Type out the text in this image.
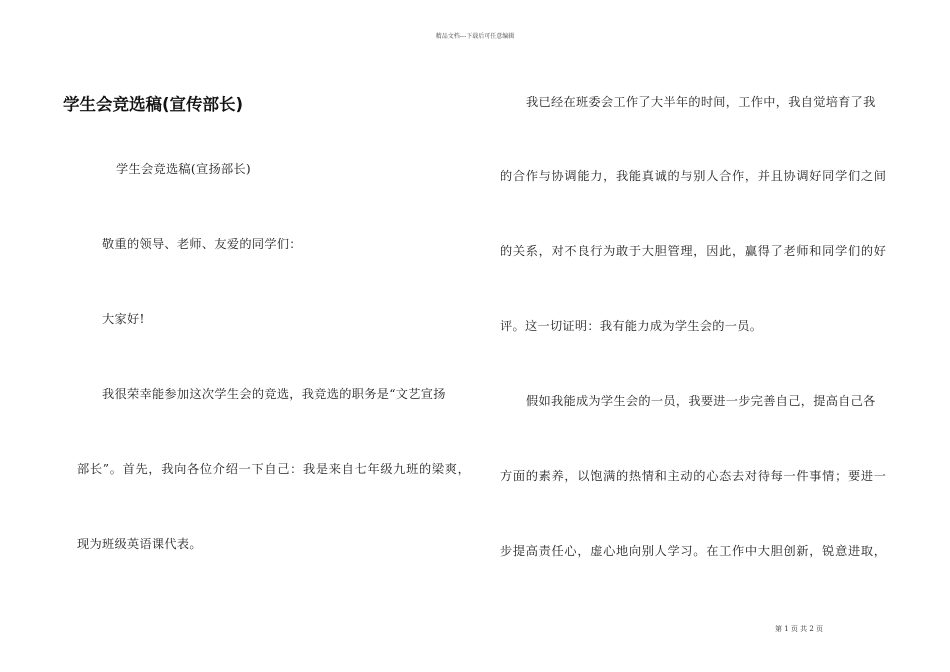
精品文档---下载后可任意编辑
学生会竞选稿(宣传部长)
学生会竞选稿(宣扬部长)
敬重的领导、老师、友爱的同学们：
大家好!
我很荣幸能参加这次学生会的竞选，我竞选的职务是“文艺宣扬
部长”。首先，我向各位介绍一下自己：我是来自七年级九班的梁爽，
现为班级英语课代表。
我已经在班委会工作了大半年的时间，工作中，我自觉培育了我
的合作与协调能力，我能真诚的与别人合作，并且协调好同学们之间
的关系，对不良行为敢于大胆管理，因此，赢得了老师和同学们的好
评。这一切证明：我有能力成为学生会的一员。
假如我能成为学生会的一员，我要进一步完善自己，提高自己各
方面的素养，以饱满的热情和主动的心态去对待每一件事情；要进一
步提高责任心，虚心地向别人学习。在工作中大胆创新，锐意进取，
第 1 页 共 2 页
